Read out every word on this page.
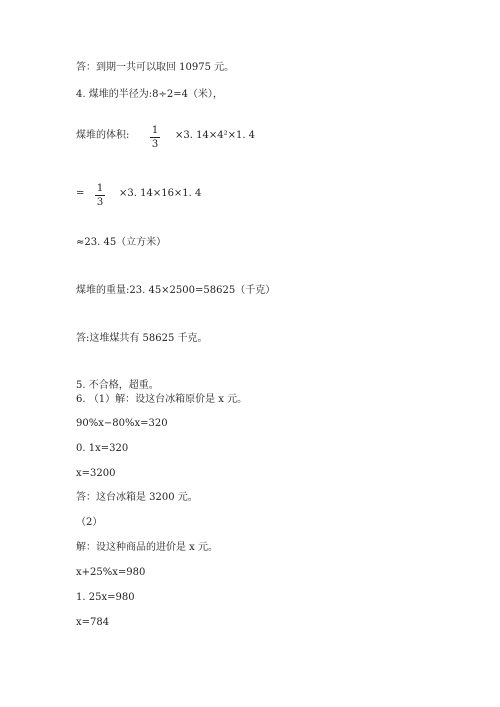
答：到期一共可以取回 10975 元。
4. 煤堆的半径为:8÷2=4（米），
煤堆的体积: 1
3
×3. 14×4²×1. 4
= 1
3
×3. 14×16×1. 4
≈23. 45（立方米）
煤堆的重量:23. 45×2500=58625（千克）
答:这堆煤共有 58625 千克。
5. 不合格，超重。
6. （1）解：设这台冰箱原价是 x 元。
90%x−80%x=320
0. 1x=320
x=3200
答：这台冰箱是 3200 元。
（2）
解：设这种商品的进价是 x 元。
x+25%x=980
1. 25x=980
x=784
